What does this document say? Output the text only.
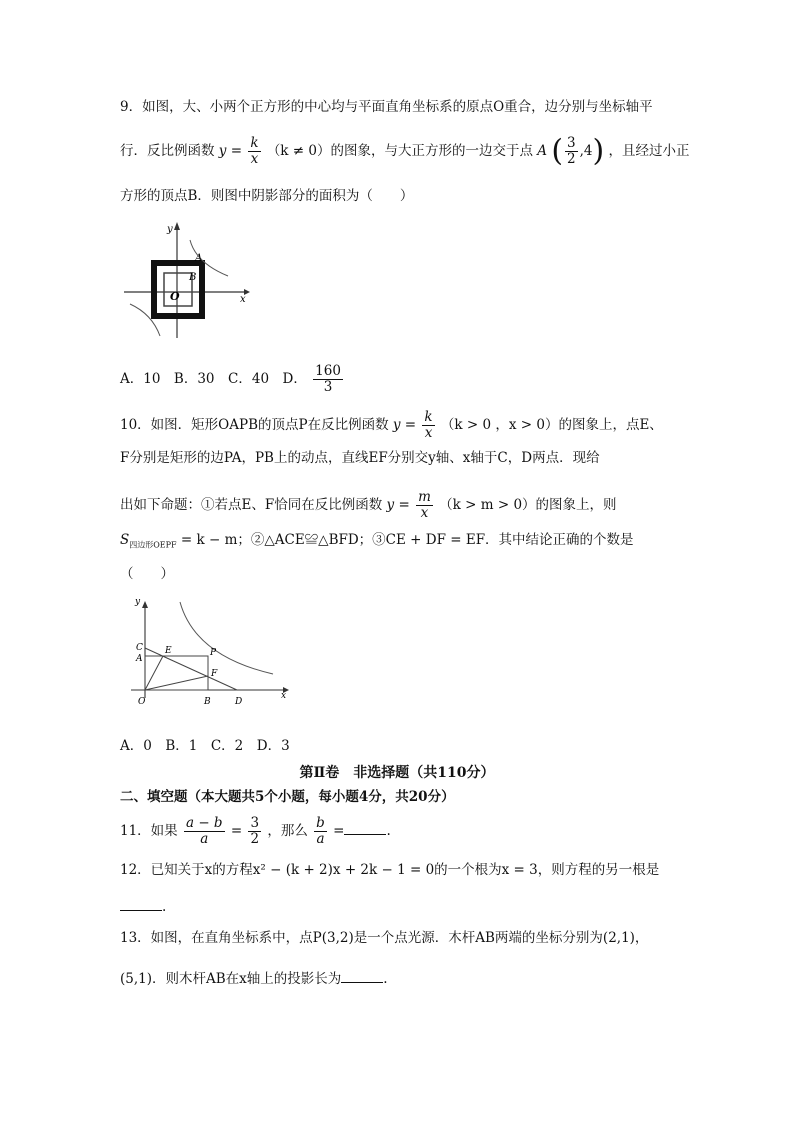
9．如图，大、小两个正方形的中心均与平面直角坐标系的原点O重合，边分别与坐标轴平
行．反比例函数 $y = \frac{k}{x} (k \ne 0)$的图象，与大正方形的一边交于点 A ( $\frac{3}{2} ,4$) ，且经过小正
方形的顶点B．则图中阴影部分的面积为（　　）
y
x
A
B
O
A．10　B．30　C．40　D． $\frac{160}{3}$
10．如图．矩形OAPB的顶点P在反比例函数 $y = \frac{k}{x} (k > 0$ ，x > 0）的图象上，点E、
F分别是矩形的边PA，PB上的动点，直线EF分别交y轴、x轴于C，D两点．现给
出如下命题：①若点E、F恰同在反比例函数 $y = \frac{m}{x} (k > m > 0)$的图象上，则
$S_{四边形OEPF} = k - m$；②△ACE≌△BFD；③CE + DF = EF．其中结论正确的个数是
（　　）
y
x
C
A
E	P
F
O	B	D
A．0　B．1　C．2　D．3
第Ⅱ卷　非选择题（共110分）
二、填空题（本大题共5个小题，每小题4分，共20分）
11．如果 $\frac{a - b}{a} = \frac{3}{2}$ ，那么 $\frac{b}{a}$ =	.
12．已知关于x的方程x² − (k + 2)x + 2k − 1 = 0的一个根为x = 3，则方程的另一根是
.
13．如图，在直角坐标系中，点P(3,2)是一个点光源．木杆AB两端的坐标分别为(2,1)，
(5,1)．则木杆AB在x轴上的投影长为	.
